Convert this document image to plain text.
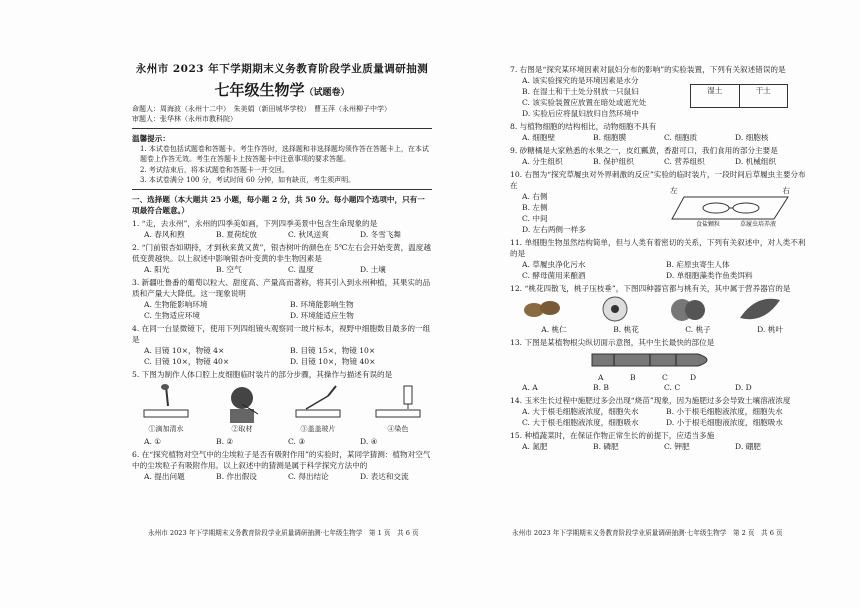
永州市 2023 年下学期期末义务教育阶段学业质量调研抽测
七年级生物学（试题卷）
命题人：周海波（永州十二中）　朱美娟（新田城华学校）　曹玉萍（永州柳子中学）
审题人：张华林（永州市教科院）
温馨提示：
1. 本试卷包括试题卷和答题卡。考生作答时，选择题和非选择题均须作答在答题卡上，在本试题卷上作答无效。考生在答题卡上按答题卡中注意事项的要求答题。
2. 考试结束后，将本试题卷和答题卡一并交回。
3. 本试卷满分 100 分，考试时间 60 分钟，如有缺页，考生须声明。
一、选择题（本大题共 25 小题，每小题 2 分，共 50 分。每小题四个选项中，只有一项最符合题意。）
1. “走，去永州”，永州的四季美如画，下列四季美景中包含生命现象的是
A. 春风和煦	B. 夏荷绽放	C. 秋风送爽	D. 冬雪飞舞
2. “门前银杏如期持，才到秋来黄又黄”，银杏树叶的颜色在 5℃左右会开始变黄，温度越低变黄越快。以上叙述中影响银杏叶变黄的非生物因素是
A. 阳光	B. 空气	C. 温度	D. 土壤
3. 新疆吐鲁番的葡萄以粒大、甜度高、产量高而著称，将其引入到永州种植，其果实的品质和产量大大降低。这一现象说明
A. 生物能影响环境	B. 环境能影响生物
C. 生物适应环境	D. 环境能适应生物
4. 在同一台显微镜下，使用下列四组镜头观察同一玻片标本，视野中细胞数目最多的一组是
A. 目镜 10×，物镜 4×	B. 目镜 15×，物镜 10×
C. 目镜 10×，物镜 40×	D. 目镜 10×，物镜 40×
5. 下图为制作人体口腔上皮细胞临时装片的部分步骤，其操作与描述有误的是
①滴加清水	②取材	③盖盖玻片	④染色
A. ①	B. ②	C. ③	D. ④
6. 在“探究植物对空气中的尘埃粒子是否有吸附作用”的实验时，某同学猜测：植物对空气中的尘埃粒子有吸附作用。以上叙述中的猜测是属于科学探究方法中的
A. 提出问题	B. 作出假设	C. 得出结论	D. 表达和交流
7. 右图是“探究某环境因素对鼠妇分布的影响”的实验装置，下列有关叙述错误的是
A. 该实验探究的是环境因素是水分
B. 在湿土和干土处分别放一只鼠妇
C. 该实验装置应放置在暗处或遮光处
D. 实验后应将鼠妇放归自然环境中
湿土	干土
8. 与植物细胞的结构相比，动物细胞不具有
A. 细胞壁	B. 细胞膜	C. 细胞质	D. 细胞核
9. 砂糖橘是大家熟悉的水果之一，皮红瓤黄，香甜可口，我们食用的部分主要是
A. 分生组织	B. 保护组织	C. 营养组织	D. 机械组织
10. 右图为“探究草履虫对外界刺激的反应”实验的临时装片，一段时间后草履虫主要分布在
A. 右侧
B. 左侧
C. 中间
D. 左右两侧一样多
左	右
食盐颗粒	草履虫培养液
11. 单细胞生物虽然结构简单，但与人类有着密切的关系，下列有关叙述中，对人类不利的是
A. 草履虫净化污水	B. 疟原虫寄生人体
C. 酵母菌用来酿酒	D. 单细胞藻类作鱼类饵料
12. “桃花四散飞，桃子压枝垂”，下图四种器官都与桃有关，其中属于营养器官的是
A. 桃仁	B. 桃花	C. 桃子	D. 桃叶
13. 下图是某植物根尖纵切面示意图，其中生长最快的部位是
A	B	C	D
A. A	B. B	C. C	D. D
14. 玉米生长过程中施肥过多会出现“烧苗”现象，因为施肥过多会导致土壤溶液浓度
A. 大于根毛细胞液浓度，细胞失水	B. 小于根毛细胞液浓度，细胞失水
C. 大于根毛细胞液浓度，细胞吸水	D. 小于根毛细胞液浓度，细胞吸水
15. 种植蔬菜时，在保证作物正常生长的前提下，应适当多施
A. 氮肥	B. 磷肥	C. 钾肥	D. 硼肥
永州市 2023 年下学期期末义务教育阶段学业质量调研抽测·七年级生物学　第 1 页　共 6 页	永州市 2023 年下学期期末义务教育阶段学业质量调研抽测·七年级生物学　第 2 页　共 6 页
